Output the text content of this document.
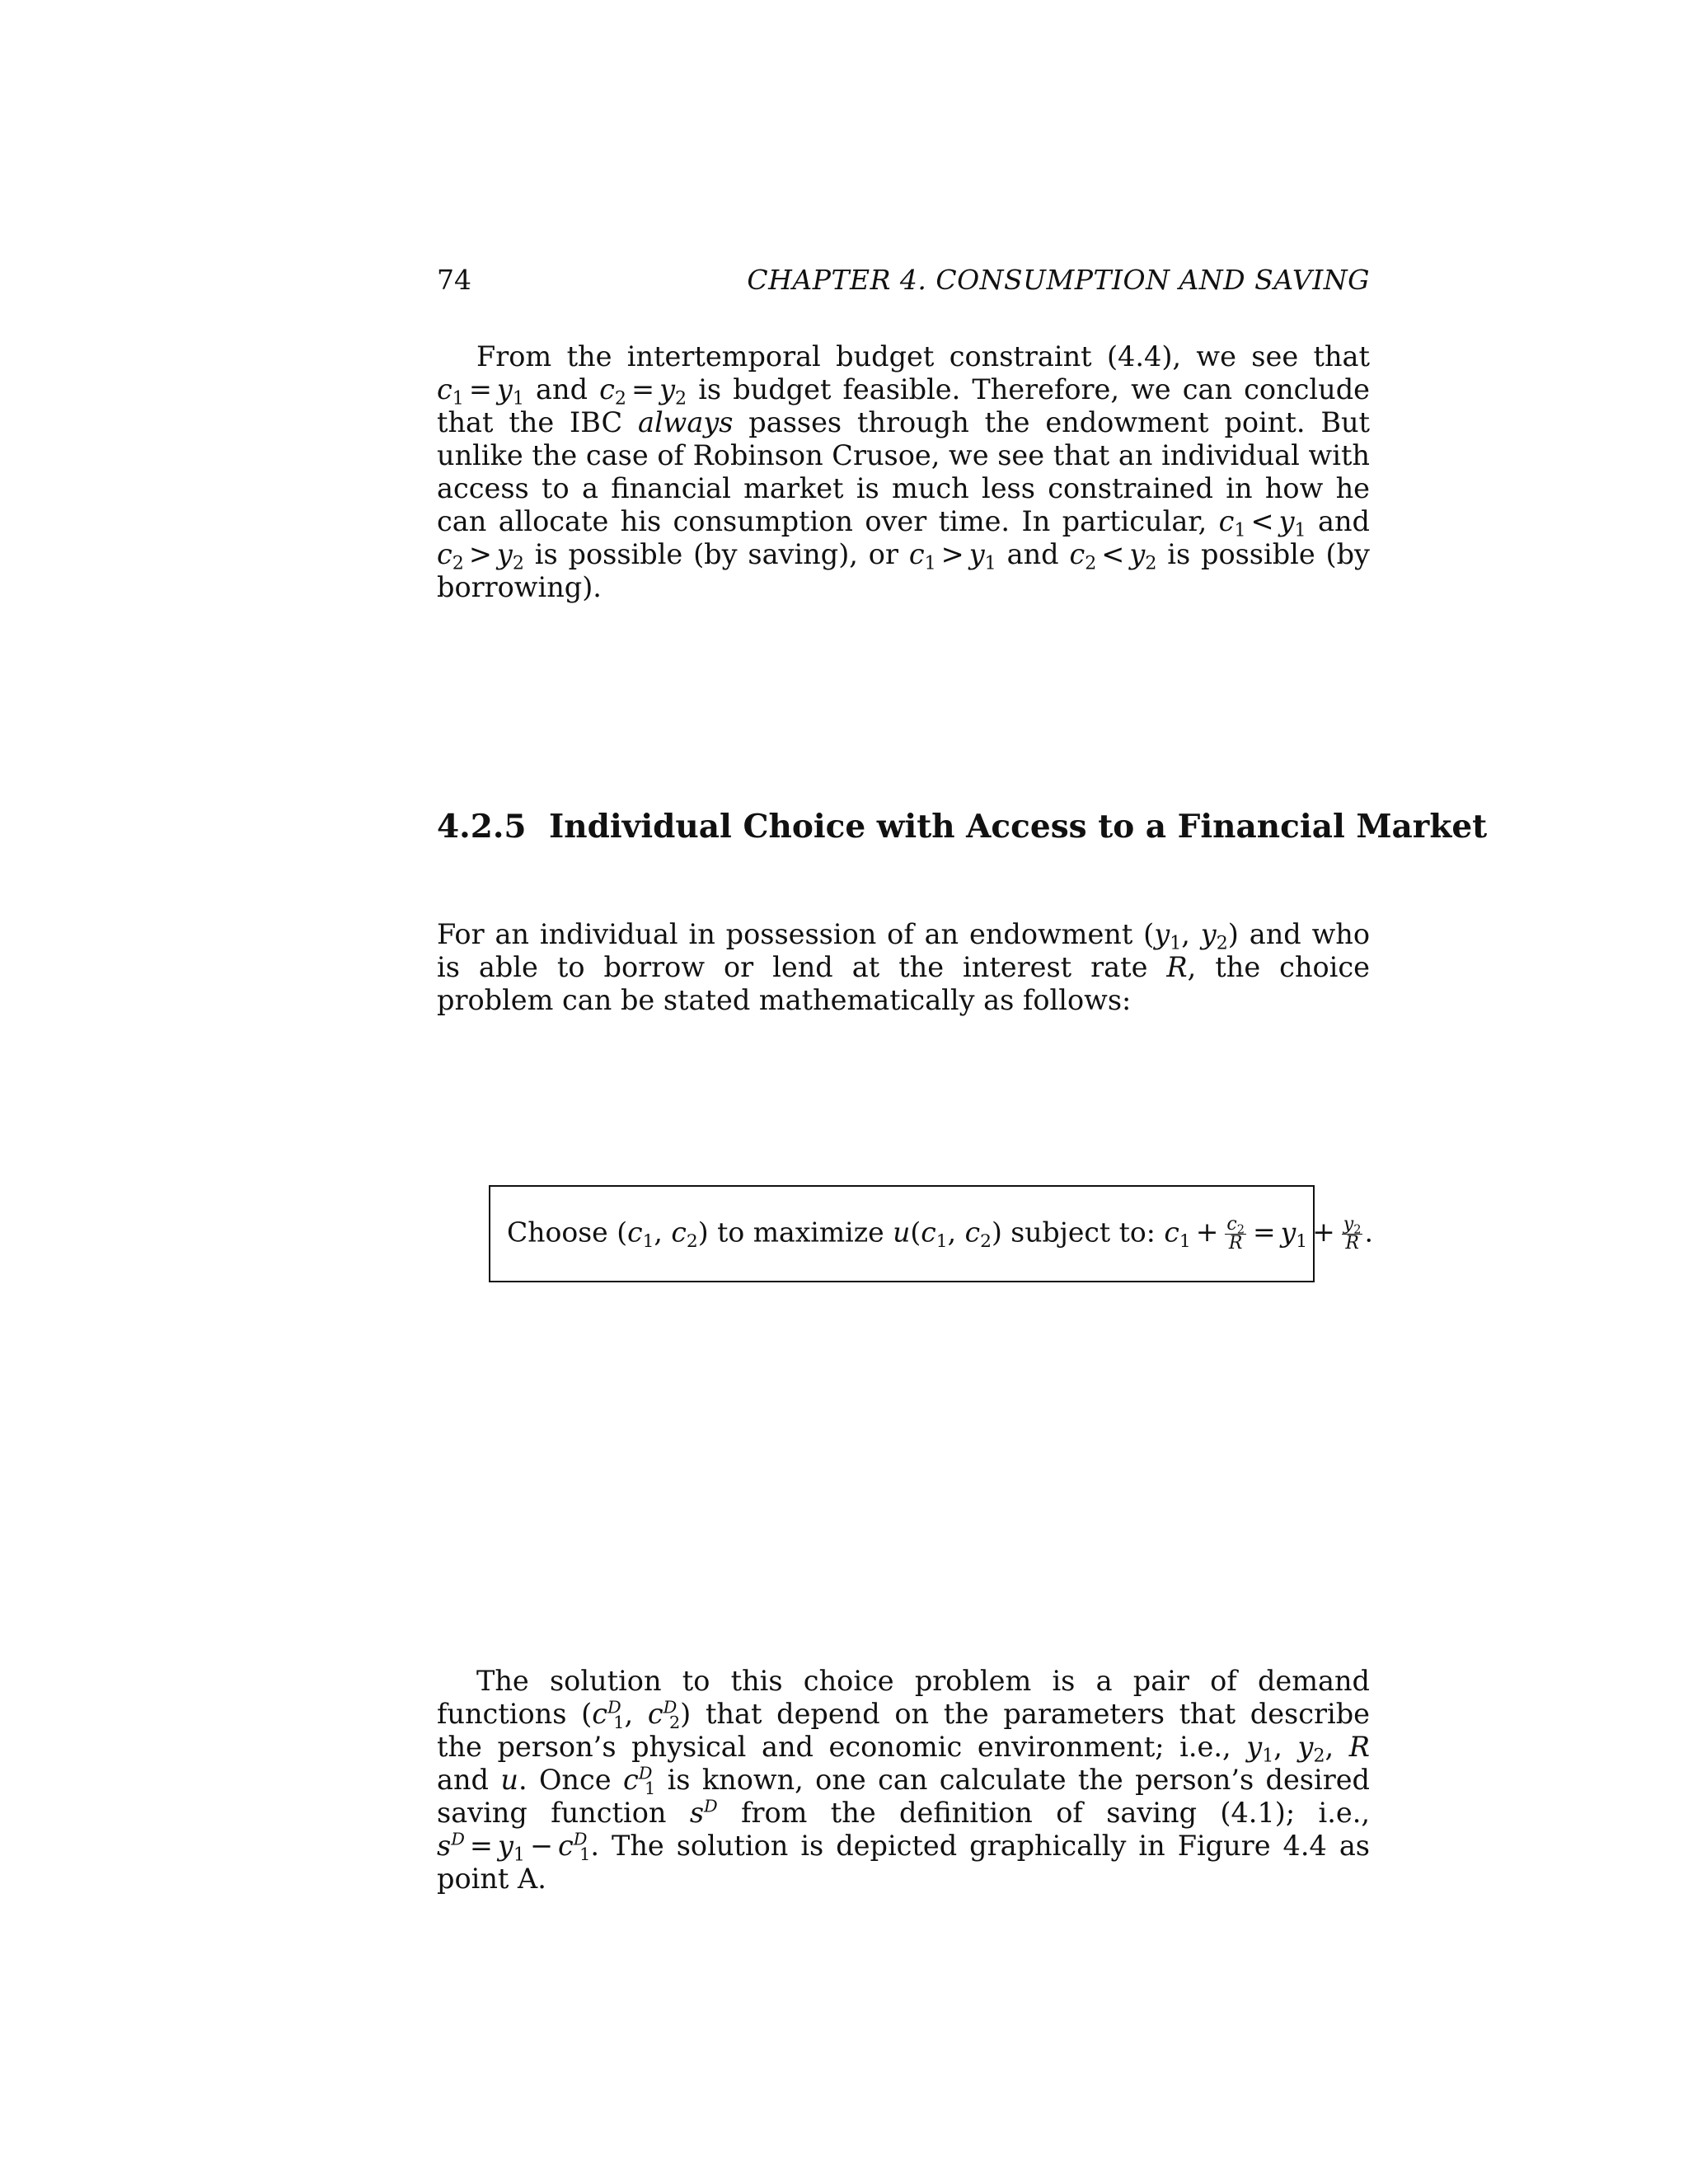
74	CHAPTER 4. CONSUMPTION AND SAVING

From the intertemporal budget constraint (4.4), we see that $c_1 = y_1$ and $c_2 = y_2$ is budget feasible. Therefore, we can conclude that the IBC always passes through the endowment point. But unlike the case of Robinson Crusoe, we see that an individual with access to a financial market is much less constrained in how he can allocate his consumption over time. In particular, $c_1 < y_1$ and $c_2 > y_2$ is possible (by saving), or $c_1 > y_1$ and $c_2 < y_2$ is possible (by borrowing).

4.2.5 Individual Choice with Access to a Financial Market

For an individual in possession of an endowment ($y_1$, $y_2$) and who is able to borrow or lend at the interest rate R, the choice problem can be stated mathematically as follows:

Choose ($c_1$, $c_2$) to maximize $u(c_1$, $c_2$) subject to: $c_1 + \frac{c_2}{R} = y_1 + \frac{y_2}{R}$ .

The solution to this choice problem is a pair of demand functions ($c^D1$, $c^D2$) that depend on the parameters that describe the person’s physical and economic environment; i.e., $y_1$, $y_2$, R and u. Once $c^D1$ is known, one can calculate the person’s desired saving function $s^D$ from the definition of saving (4.1); i.e., $s^D = y_1 - c^D1$. The solution is depicted graphically in Figure 4.4 as point A.
